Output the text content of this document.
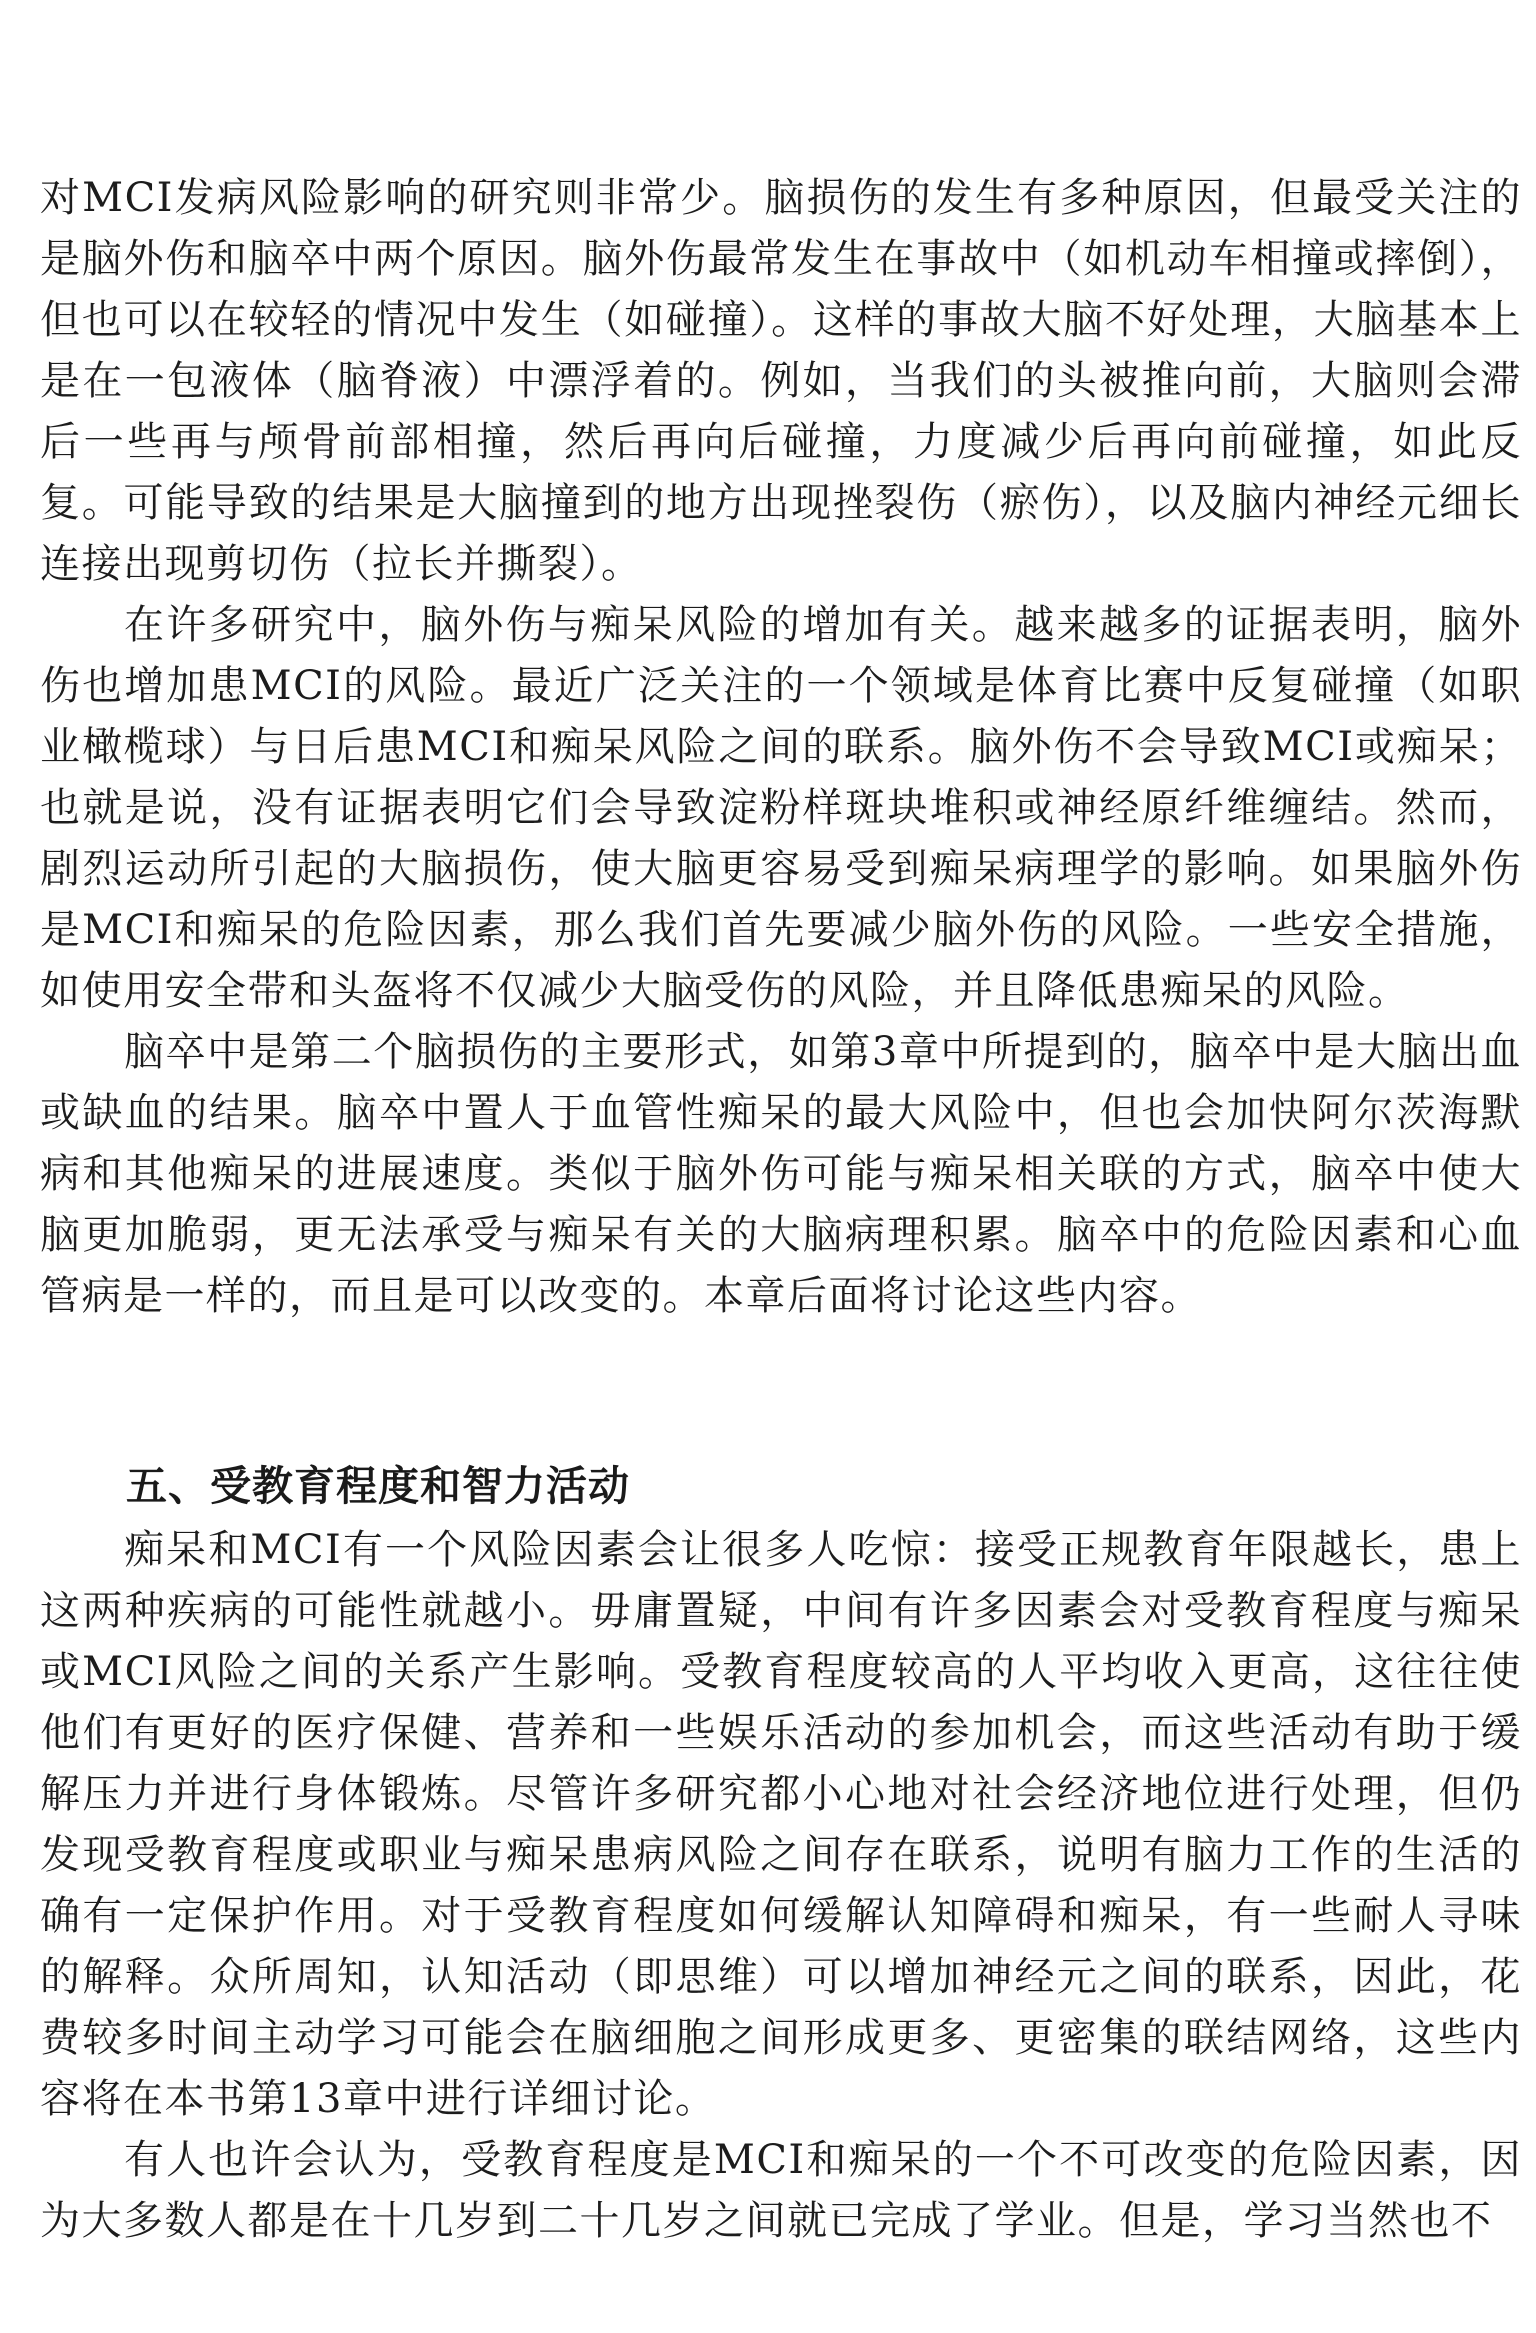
对MCI发病风险影响的研究则非常少。脑损伤的发生有多种原因，但最受关注的是脑外伤和脑卒中两个原因。脑外伤最常发生在事故中（如机动车相撞或摔倒），但也可以在较轻的情况中发生（如碰撞）。这样的事故大脑不好处理，大脑基本上是在一包液体（脑脊液）中漂浮着的。例如，当我们的头被推向前，大脑则会滞后一些再与颅骨前部相撞，然后再向后碰撞，力度减少后再向前碰撞，如此反复。可能导致的结果是大脑撞到的地方出现挫裂伤（瘀伤），以及脑内神经元细长连接出现剪切伤（拉长并撕裂）。

在许多研究中，脑外伤与痴呆风险的增加有关。越来越多的证据表明，脑外伤也增加患MCI的风险。最近广泛关注的一个领域是体育比赛中反复碰撞（如职业橄榄球）与日后患MCI和痴呆风险之间的联系。脑外伤不会导致MCI或痴呆；也就是说，没有证据表明它们会导致淀粉样斑块堆积或神经原纤维缠结。然而，剧烈运动所引起的大脑损伤，使大脑更容易受到痴呆病理学的影响。如果脑外伤是MCI和痴呆的危险因素，那么我们首先要减少脑外伤的风险。一些安全措施，如使用安全带和头盔将不仅减少大脑受伤的风险，并且降低患痴呆的风险。

脑卒中是第二个脑损伤的主要形式，如第3章中所提到的，脑卒中是大脑出血或缺血的结果。脑卒中置人于血管性痴呆的最大风险中，但也会加快阿尔茨海默病和其他痴呆的进展速度。类似于脑外伤可能与痴呆相关联的方式，脑卒中使大脑更加脆弱，更无法承受与痴呆有关的大脑病理积累。脑卒中的危险因素和心血管病是一样的，而且是可以改变的。本章后面将讨论这些内容。

五、受教育程度和智力活动

痴呆和MCI有一个风险因素会让很多人吃惊：接受正规教育年限越长，患上这两种疾病的可能性就越小。毋庸置疑，中间有许多因素会对受教育程度与痴呆或MCI风险之间的关系产生影响。受教育程度较高的人平均收入更高，这往往使他们有更好的医疗保健、营养和一些娱乐活动的参加机会，而这些活动有助于缓解压力并进行身体锻炼。尽管许多研究都小心地对社会经济地位进行处理，但仍发现受教育程度或职业与痴呆患病风险之间存在联系，说明有脑力工作的生活的确有一定保护作用。对于受教育程度如何缓解认知障碍和痴呆，有一些耐人寻味的解释。众所周知，认知活动（即思维）可以增加神经元之间的联系，因此，花费较多时间主动学习可能会在脑细胞之间形成更多、更密集的联结网络，这些内容将在本书第13章中进行详细讨论。

有人也许会认为，受教育程度是MCI和痴呆的一个不可改变的危险因素，因为大多数人都是在十几岁到二十几岁之间就已完成了学业。但是，学习当然也不
